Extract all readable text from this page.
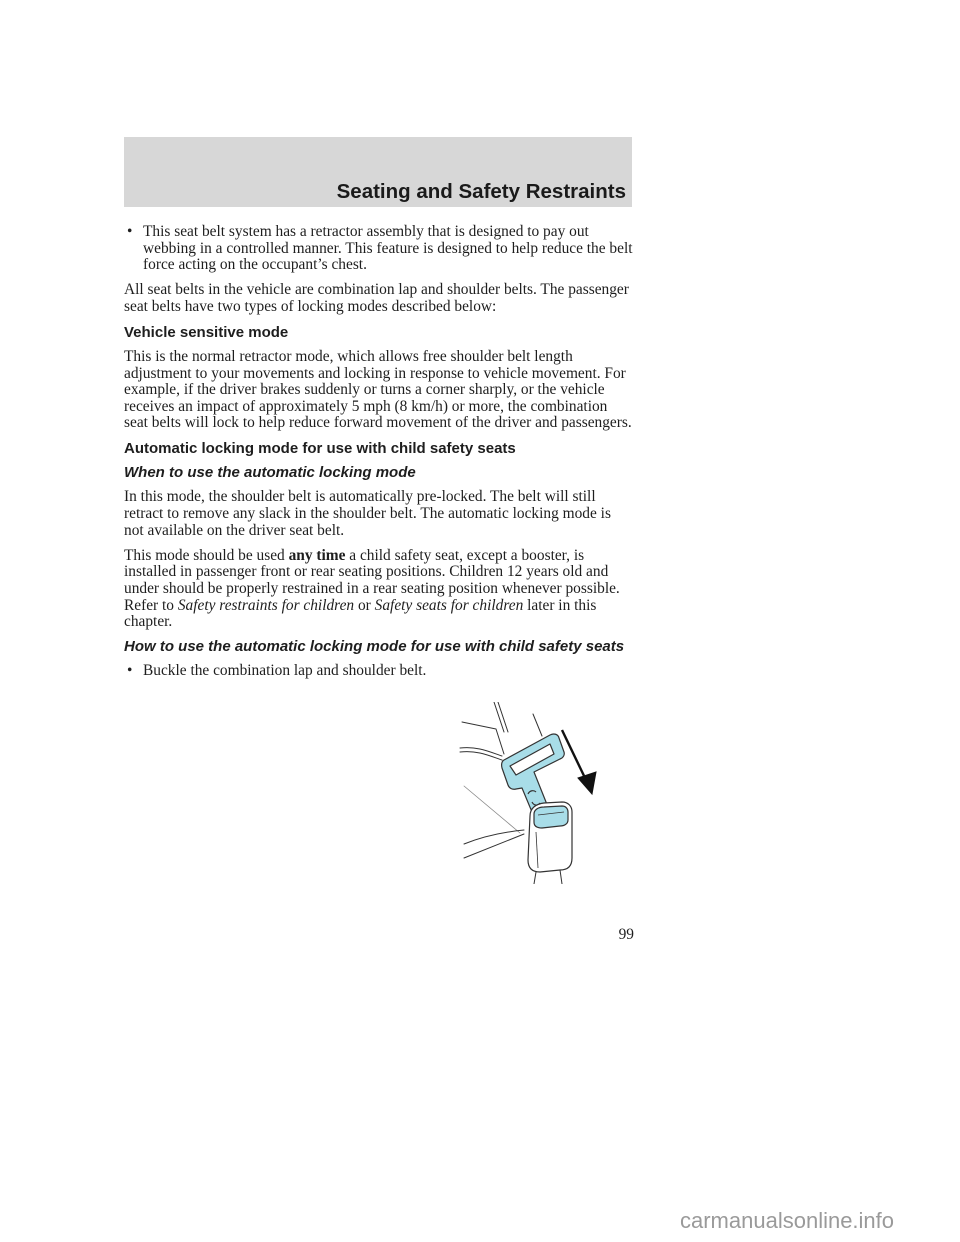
Seating and Safety Restraints
• This seat belt system has a retractor assembly that is designed to pay out webbing in a controlled manner. This feature is designed to help reduce the belt force acting on the occupant’s chest.

All seat belts in the vehicle are combination lap and shoulder belts. The passenger seat belts have two types of locking modes described below:

Vehicle sensitive mode

This is the normal retractor mode, which allows free shoulder belt length adjustment to your movements and locking in response to vehicle movement. For example, if the driver brakes suddenly or turns a corner sharply, or the vehicle receives an impact of approximately 5 mph (8 km/h) or more, the combination seat belts will lock to help reduce forward movement of the driver and passengers.

Automatic locking mode for use with child safety seats
When to use the automatic locking mode

In this mode, the shoulder belt is automatically pre-locked. The belt will still retract to remove any slack in the shoulder belt. The automatic locking mode is not available on the driver seat belt.

This mode should be used any time a child safety seat, except a booster, is installed in passenger front or rear seating positions. Children 12 years old and under should be properly restrained in a rear seating position whenever possible. Refer to Safety restraints for children or Safety seats for children later in this chapter.

How to use the automatic locking mode for use with child safety seats
• Buckle the combination lap and shoulder belt.
99
carmanualsonline.info
